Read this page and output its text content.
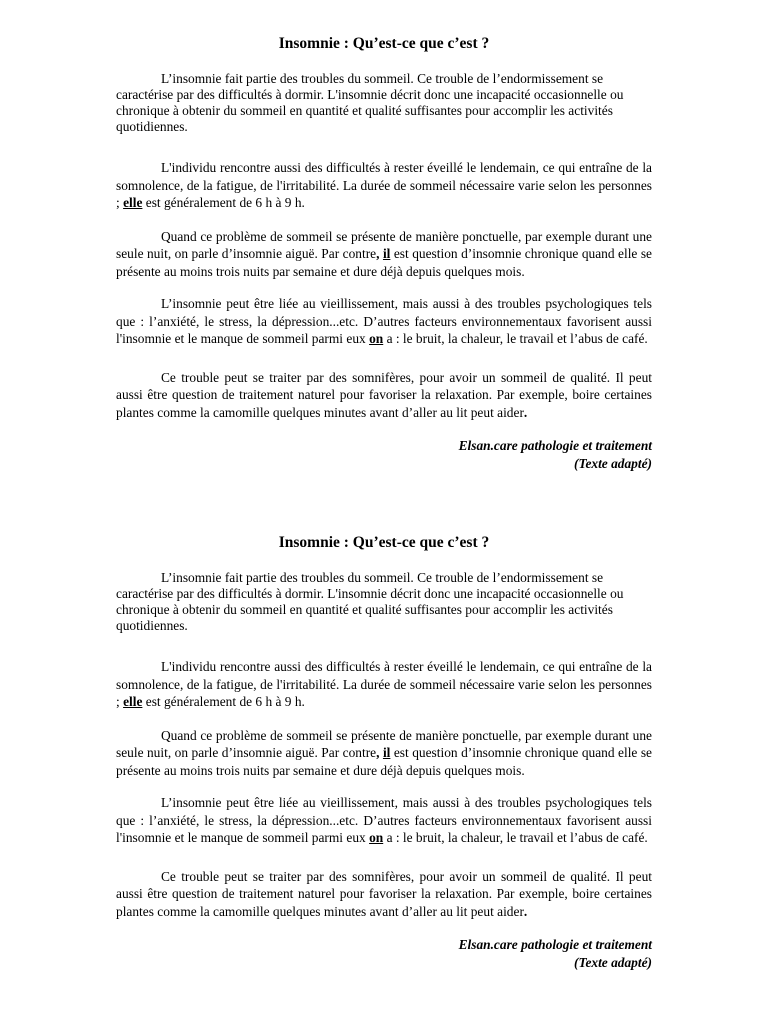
Insomnie : Qu’est-ce que c’est ?

L’insomnie fait partie des troubles du sommeil. Ce trouble de l’endormissement se caractérise par des difficultés à dormir. L'insomnie décrit donc une incapacité occasionnelle ou chronique à obtenir du sommeil en quantité et qualité suffisantes pour accomplir les activités quotidiennes.

L'individu rencontre aussi des difficultés à rester éveillé le lendemain, ce qui entraîne de la somnolence, de la fatigue, de l'irritabilité. La durée de sommeil nécessaire varie selon les personnes ; elle est généralement de 6 h à 9 h.

Quand ce problème de sommeil se présente de manière ponctuelle, par exemple durant une seule nuit, on parle d’insomnie aiguë. Par contre, il est question d’insomnie chronique quand elle se présente au moins trois nuits par semaine et dure déjà depuis quelques mois.

L’insomnie peut être liée au vieillissement, mais aussi à des troubles psychologiques tels que : l’anxiété, le stress, la dépression...etc. D’autres facteurs environnementaux favorisent aussi l'insomnie et le manque de sommeil parmi eux on a : le bruit, la chaleur, le travail et l’abus de café.

Ce trouble peut se traiter par des somnifères, pour avoir un sommeil de qualité. Il peut aussi être question de traitement naturel pour favoriser la relaxation. Par exemple, boire certaines plantes comme la camomille quelques minutes avant d’aller au lit peut aider.

Elsan.care pathologie et traitement
(Texte adapté)
Insomnie : Qu’est-ce que c’est ?

L’insomnie fait partie des troubles du sommeil. Ce trouble de l’endormissement se caractérise par des difficultés à dormir. L'insomnie décrit donc une incapacité occasionnelle ou chronique à obtenir du sommeil en quantité et qualité suffisantes pour accomplir les activités quotidiennes.

L'individu rencontre aussi des difficultés à rester éveillé le lendemain, ce qui entraîne de la somnolence, de la fatigue, de l'irritabilité. La durée de sommeil nécessaire varie selon les personnes ; elle est généralement de 6 h à 9 h.

Quand ce problème de sommeil se présente de manière ponctuelle, par exemple durant une seule nuit, on parle d’insomnie aiguë. Par contre, il est question d’insomnie chronique quand elle se présente au moins trois nuits par semaine et dure déjà depuis quelques mois.

L’insomnie peut être liée au vieillissement, mais aussi à des troubles psychologiques tels que : l’anxiété, le stress, la dépression...etc. D’autres facteurs environnementaux favorisent aussi l'insomnie et le manque de sommeil parmi eux on a : le bruit, la chaleur, le travail et l’abus de café.

Ce trouble peut se traiter par des somnifères, pour avoir un sommeil de qualité. Il peut aussi être question de traitement naturel pour favoriser la relaxation. Par exemple, boire certaines plantes comme la camomille quelques minutes avant d’aller au lit peut aider.

Elsan.care pathologie et traitement
(Texte adapté)
